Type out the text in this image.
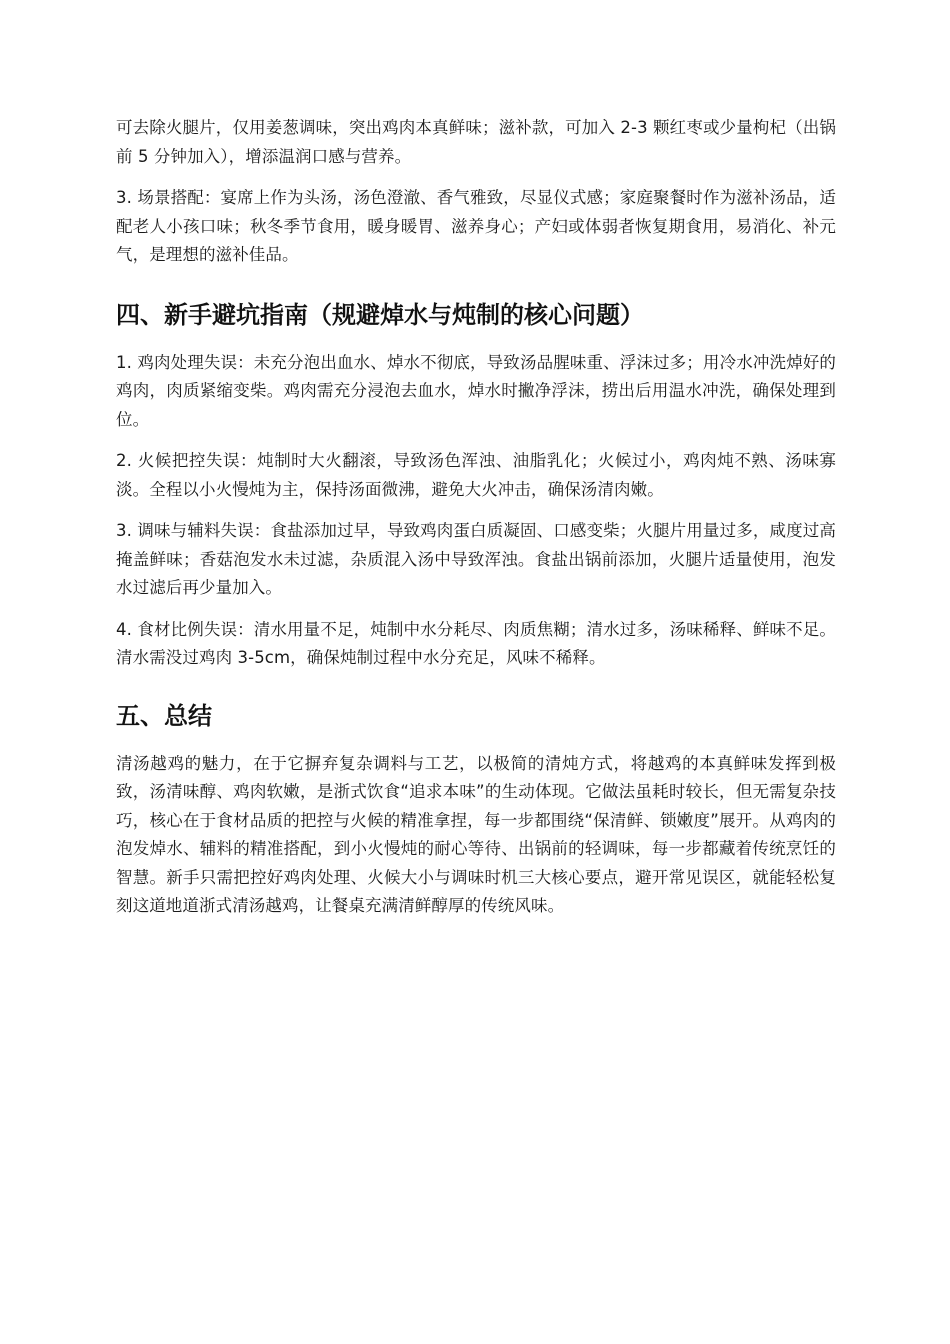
可去除火腿片，仅用姜葱调味，突出鸡肉本真鲜味；滋补款，可加入 2-3 颗红枣或少量枸杞（出锅前 5 分钟加入），增添温润口感与营养。

3. 场景搭配：宴席上作为头汤，汤色澄澈、香气雅致，尽显仪式感；家庭聚餐时作为滋补汤品，适配老人小孩口味；秋冬季节食用，暖身暖胃、滋养身心；产妇或体弱者恢复期食用，易消化、补元气，是理想的滋补佳品。

四、新手避坑指南（规避焯水与炖制的核心问题）

1. 鸡肉处理失误：未充分泡出血水、焯水不彻底，导致汤品腥味重、浮沫过多；用冷水冲洗焯好的鸡肉，肉质紧缩变柴。鸡肉需充分浸泡去血水，焯水时撇净浮沫，捞出后用温水冲洗，确保处理到位。

2. 火候把控失误：炖制时大火翻滚，导致汤色浑浊、油脂乳化；火候过小，鸡肉炖不熟、汤味寡淡。全程以小火慢炖为主，保持汤面微沸，避免大火冲击，确保汤清肉嫩。

3. 调味与辅料失误：食盐添加过早，导致鸡肉蛋白质凝固、口感变柴；火腿片用量过多，咸度过高掩盖鲜味；香菇泡发水未过滤，杂质混入汤中导致浑浊。食盐出锅前添加，火腿片适量使用，泡发水过滤后再少量加入。

4. 食材比例失误：清水用量不足，炖制中水分耗尽、肉质焦糊；清水过多，汤味稀释、鲜味不足。清水需没过鸡肉 3-5cm，确保炖制过程中水分充足，风味不稀释。

五、总结

清汤越鸡的魅力，在于它摒弃复杂调料与工艺，以极简的清炖方式，将越鸡的本真鲜味发挥到极致，汤清味醇、鸡肉软嫩，是浙式饮食“追求本味”的生动体现。它做法虽耗时较长，但无需复杂技巧，核心在于食材品质的把控与火候的精准拿捏，每一步都围绕“保清鲜、锁嫩度”展开。从鸡肉的泡发焯水、辅料的精准搭配，到小火慢炖的耐心等待、出锅前的轻调味，每一步都藏着传统烹饪的智慧。新手只需把控好鸡肉处理、火候大小与调味时机三大核心要点，避开常见误区，就能轻松复刻这道地道浙式清汤越鸡，让餐桌充满清鲜醇厚的传统风味。
